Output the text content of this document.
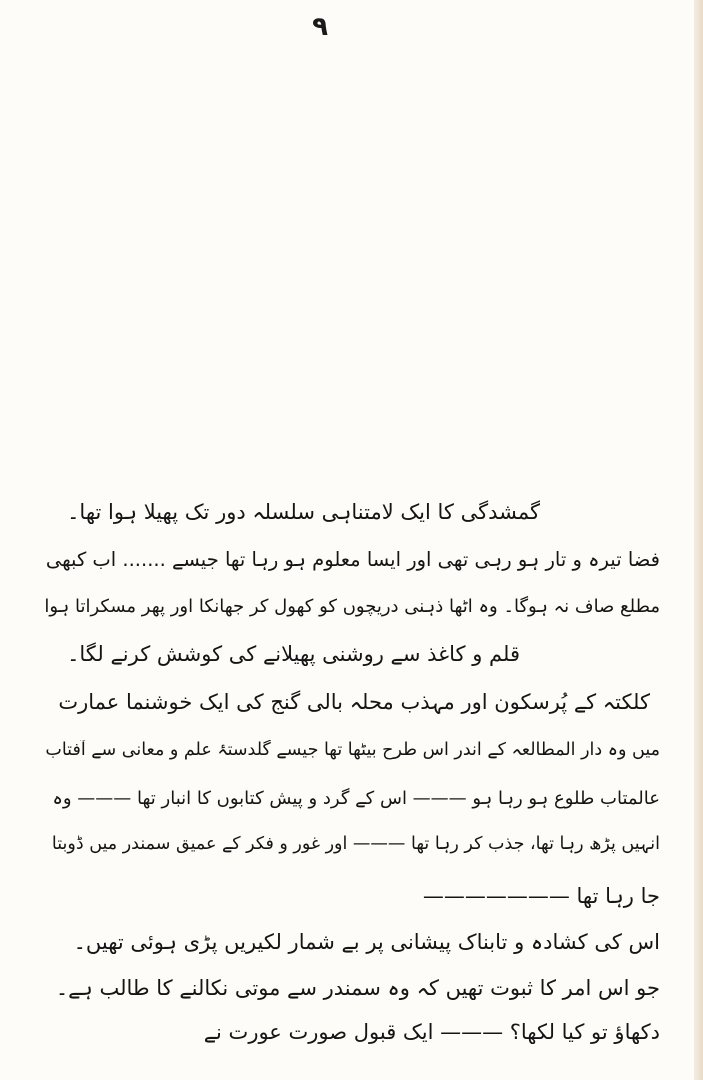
۹
گمشدگی کا ایک لامتناہی سلسلہ دور تک پھیلا ہوا تھا۔
فضا تیرہ و تار ہو رہی تھی اور ایسا معلوم ہو رہا تھا جیسے ....... اب کبھی
مطلع صاف نہ ہوگا۔ وہ اٹھا ذہنی دریچوں کو کھول کر جھانکا اور پھر مسکراتا ہوا
قلم و کاغذ سے روشنی پھیلانے کی کوشش کرنے لگا۔
کلکتہ کے پُرسکون اور مہذب محلہ بالی گنج کی ایک خوشنما عمارت
میں وہ دار المطالعہ کے اندر اس طرح بیٹھا تھا جیسے گلدستۂ علم و معانی سے آفتاب
عالمتاب طلوع ہو رہا ہو ——— اس کے گرد و پیش کتابوں کا انبار تھا ——— وہ
انہیں پڑھ رہا تھا، جذب کر رہا تھا ——— اور غور و فکر کے عمیق سمندر میں ڈوبتا
جا رہا تھا ———————
اس کی کشادہ و تابناک پیشانی پر بے شمار لکیریں پڑی ہوئی تھیں۔
جو اس امر کا ثبوت تھیں کہ وہ سمندر سے موتی نکالنے کا طالب ہے۔
دکھاؤ تو کیا لکھا؟ ——— ایک قبول صورت عورت نے
